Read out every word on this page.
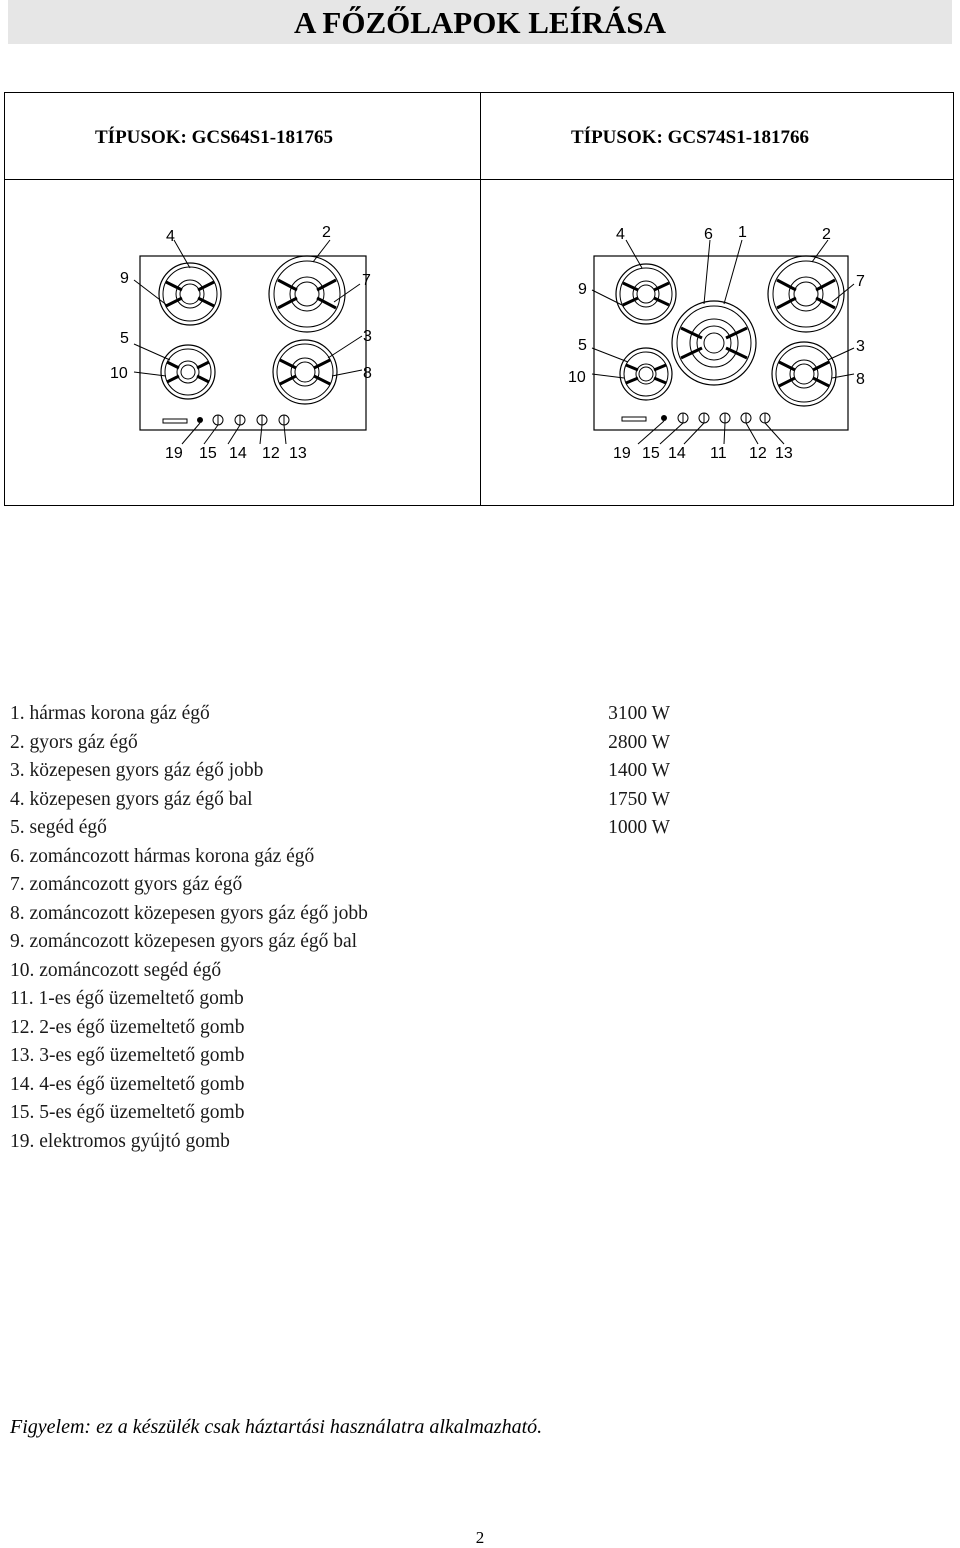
A FŐZŐLAPOK LEÍRÁSA
TÍPUSOK: GCS64S1-181765	TÍPUSOK: GCS74S1-181766
4	2
9	7
5	3
10	8
19 15 14 12 13
4	6 1	2
9	7
5	3
10	8
19 15 14 11 12 13
1. hármas korona gáz égő	3100 W
2. gyors gáz égő	2800 W
3. közepesen gyors gáz égő jobb	1400 W
4. közepesen gyors gáz égő bal	1750 W
5. segéd égő	1000 W
6. zománcozott hármas korona gáz égő
7. zománcozott gyors gáz égő
8. zománcozott közepesen gyors gáz égő jobb
9. zománcozott közepesen gyors gáz égő bal
10. zománcozott segéd égő
11. 1-es égő üzemeltető gomb
12. 2-es égő üzemeltető gomb
13. 3-es egő üzemeltető gomb
14. 4-es égő üzemeltető gomb
15. 5-es égő üzemeltető gomb
19. elektromos gyújtó gomb
Figyelem: ez a készülék csak háztartási használatra alkalmazható.
2
